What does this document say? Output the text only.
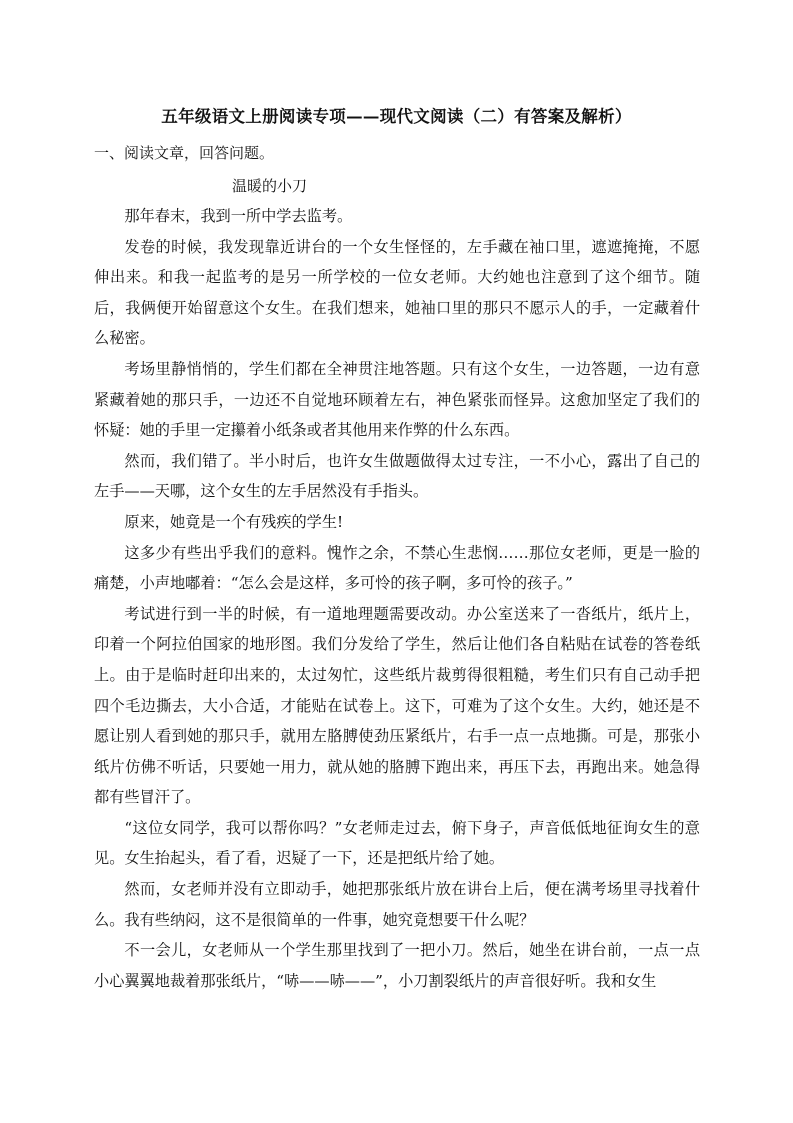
五年级语文上册阅读专项——现代文阅读（二）有答案及解析）
一、阅读文章，回答问题。
温暖的小刀

那年春末，我到一所中学去监考。

发卷的时候，我发现靠近讲台的一个女生怪怪的，左手藏在袖口里，遮遮掩掩，不愿伸出来。和我一起监考的是另一所学校的一位女老师。大约她也注意到了这个细节。随后，我俩便开始留意这个女生。在我们想来，她袖口里的那只不愿示人的手，一定藏着什么秘密。

考场里静悄悄的，学生们都在全神贯注地答题。只有这个女生，一边答题，一边有意紧藏着她的那只手，一边还不自觉地环顾着左右，神色紧张而怪异。这愈加坚定了我们的怀疑：她的手里一定攥着小纸条或者其他用来作弊的什么东西。

然而，我们错了。半小时后，也许女生做题做得太过专注，一不小心，露出了自己的左手——天哪，这个女生的左手居然没有手指头。

原来，她竟是一个有残疾的学生!

这多少有些出乎我们的意料。愧怍之余，不禁心生悲悯……那位女老师，更是一脸的痛楚，小声地嘟着：“怎么会是这样，多可怜的孩子啊，多可怜的孩子。”

考试进行到一半的时候，有一道地理题需要改动。办公室送来了一沓纸片，纸片上，印着一个阿拉伯国家的地形图。我们分发给了学生，然后让他们各自粘贴在试卷的答卷纸上。由于是临时赶印出来的，太过匆忙，这些纸片裁剪得很粗糙，考生们只有自己动手把四个毛边撕去，大小合适，才能贴在试卷上。这下，可难为了这个女生。大约，她还是不愿让别人看到她的那只手，就用左胳膊使劲压紧纸片，右手一点一点地撕。可是，那张小纸片仿佛不听话，只要她一用力，就从她的胳膊下跑出来，再压下去，再跑出来。她急得都有些冒汗了。

“这位女同学，我可以帮你吗？”女老师走过去，俯下身子，声音低低地征询女生的意见。女生抬起头，看了看，迟疑了一下，还是把纸片给了她。

然而，女老师并没有立即动手，她把那张纸片放在讲台上后，便在满考场里寻找着什么。我有些纳闷，这不是很简单的一件事，她究竟想要干什么呢？

不一会儿，女老师从一个学生那里找到了一把小刀。然后，她坐在讲台前，一点一点小心翼翼地裁着那张纸片，“哧——哧——”，小刀割裂纸片的声音很好听。我和女生
